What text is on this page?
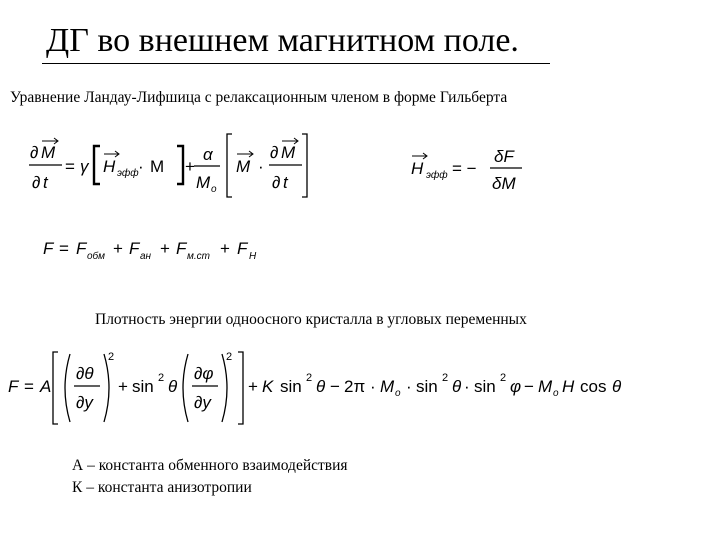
ДГ во внешнем магнитном поле.
Уравнение Ландау-Лифшица с релаксационным членом в форме Гильберта
∂ M
∂ t
= γ H эфф · M +
α
M o
M ·
∂ M
∂ t
H эфф = −
δF
δM
F = F обм + F ан + F м.ст + F H
F = A
∂θ
∂y
2
+ sin 2 θ
∂φ
∂y
2
+ K sin 2 θ − 2π · M o · sin 2 θ · sin 2 φ − M o H cos θ
Плотность энергии одноосного кристалла в угловых переменных
А – константа обменного взаимодействия
К – константа анизотропии
